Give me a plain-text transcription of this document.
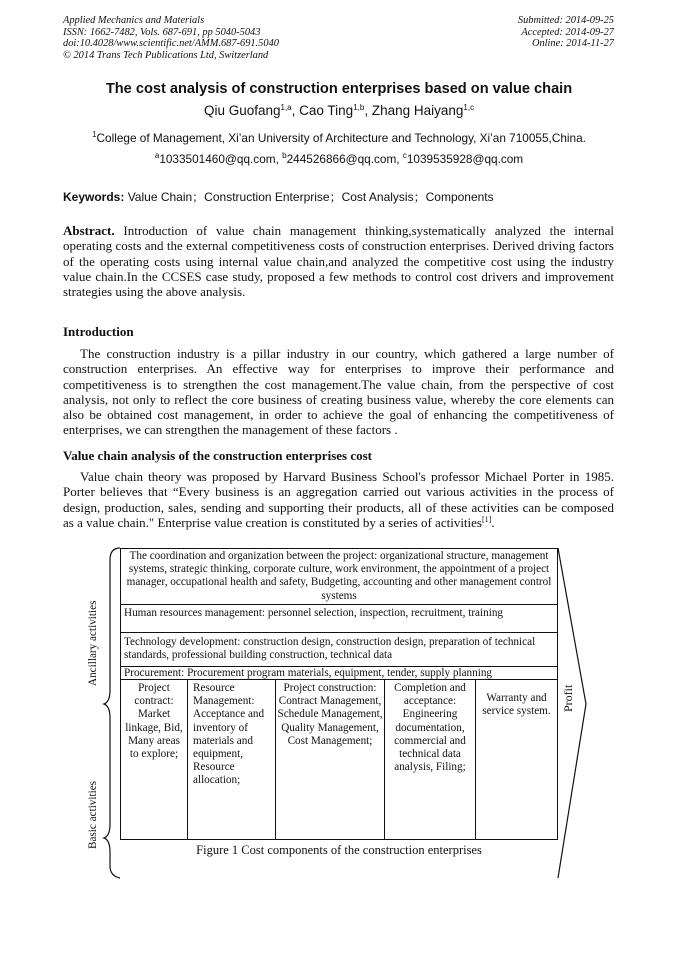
Applied Mechanics and Materials
ISSN: 1662-7482, Vols. 687-691, pp 5040-5043
doi:10.4028/www.scientific.net/AMM.687-691.5040
© 2014 Trans Tech Publications Ltd, Switzerland
Submitted: 2014-09-25
Accepted: 2014-09-27
Online: 2014-11-27
The cost analysis of construction enterprises based on value chain
Qiu Guofang$^{1,a}$, Cao Ting$^{1,b}$, Zhang Haiyang$^{1,c}$
$^1$College of Management, Xi’an University of Architecture and Technology, Xi’an 710055,China.
$^a$1033501460@qq.com, $^b$244526866@qq.com, $^c$1039535928@qq.com
Keywords: Value Chain；Construction Enterprise；Cost Analysis；Components
Abstract. Introduction of value chain management thinking,systematically analyzed the internal operating costs and the external competitiveness costs of construction enterprises. Derived driving factors of the operating costs using internal value chain,and analyzed the competitive cost using the industry value chain.In the CCSES case study, proposed a few methods to control cost drivers and improvement strategies using the above analysis.
Introduction
The construction industry is a pillar industry in our country, which gathered a large number of construction enterprises. An effective way for enterprises to improve their performance and competitiveness is to strengthen the cost management.The value chain, from the perspective of cost analysis, not only to reflect the core business of creating business value, whereby the core elements can also be obtained cost management, in order to achieve the goal of enhancing the competitiveness of enterprises, we can strengthen the management of these factors .
Value chain analysis of the construction enterprises cost
Value chain theory was proposed by Harvard Business School's professor Michael Porter in 1985. Porter believes that “Every business is an aggregation carried out various activities in the process of design, production, sales, sending and supporting their products, all of these activities can be composed as a value chain." Enterprise value creation is constituted by a series of activities[1].
Ancillary activities
Basic activities
Profit
The coordination and organization between the project: organizational structure, management systems, strategic thinking, corporate culture, work environment, the appointment of a project manager, occupational health and safety, Budgeting, accounting and other management control systems
Human resources management: personnel selection, inspection, recruitment, training
Technology development: construction design, construction design, preparation of technical standards, professional building construction, technical data
Procurement: Procurement program materials, equipment, tender, supply planning
Project contract: Market linkage, Bid, Many areas to explore;
Resource Management: Acceptance and inventory of materials and equipment, Resource allocation;
Project construction: Contract Management, Schedule Management, Quality Management, Cost Management;
Completion and acceptance: Engineering documentation, commercial and technical data analysis, Filing;
Warranty and service system.
Figure 1 Cost components of the construction enterprises
